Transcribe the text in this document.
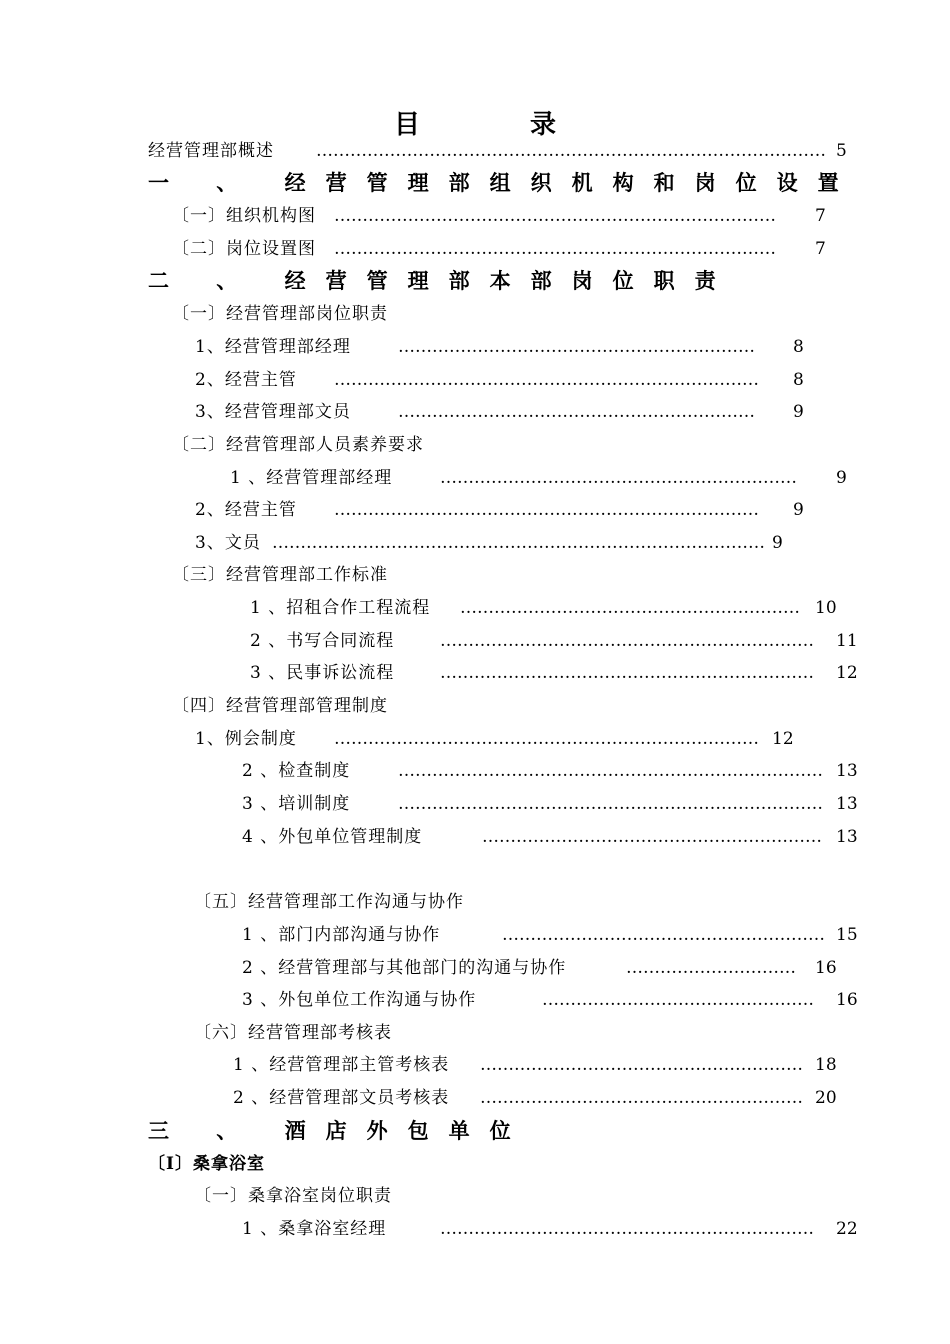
目	录
一 、 经营管理部组织机构和岗位设置
二 、 经营管理部本部岗位职责
三 、 酒店外包单位
〔Ⅰ〕桑拿浴室
经营管理部概述 ……………………………………………………………………………… 5
〔一〕组织机构图 ……………………………………………………………………	7
〔二〕岗位设置图 ……………………………………………………………………	7
〔一〕经营管理部岗位职责
1、经营管理部经理	………………………………………………………	8
2、经营主管 …………………………………………………………………	8
3、经营管理部文员	………………………………………………………	9
〔二〕经营管理部人员素养要求
1 、经营管理部经理	………………………………………………………	9
2、经营主管 …………………………………………………………………	9
3、文员 …………………………………………………………………………… 9
〔三〕经营管理部工作标准
1 、招租合作工程流程 …………………………………………………… 10
2 、书写合同流程	…………………………………………………………	11
3 、民事诉讼流程	…………………………………………………………	12
〔四〕经营管理部管理制度
1、例会制度 ………………………………………………………………… 12
2 、检查制度	………………………………………………………………… 13
3 、培训制度	………………………………………………………………… 13
4 、外包单位管理制度	…………………………………………………… 13
〔五〕经营管理部工作沟通与协作
1 、部门内部沟通与协作	………………………………………………… 15
2 、经营管理部与其他部门的沟通与协作	…………………………	16
3 、外包单位工作沟通与协作	…………………………………………	16
〔六〕经营管理部考核表
1 、经营管理部主管考核表 ………………………………………………… 18
2 、经营管理部文员考核表 ………………………………………………… 20
〔一〕桑拿浴室岗位职责
1 、桑拿浴室经理	…………………………………………………………	22
